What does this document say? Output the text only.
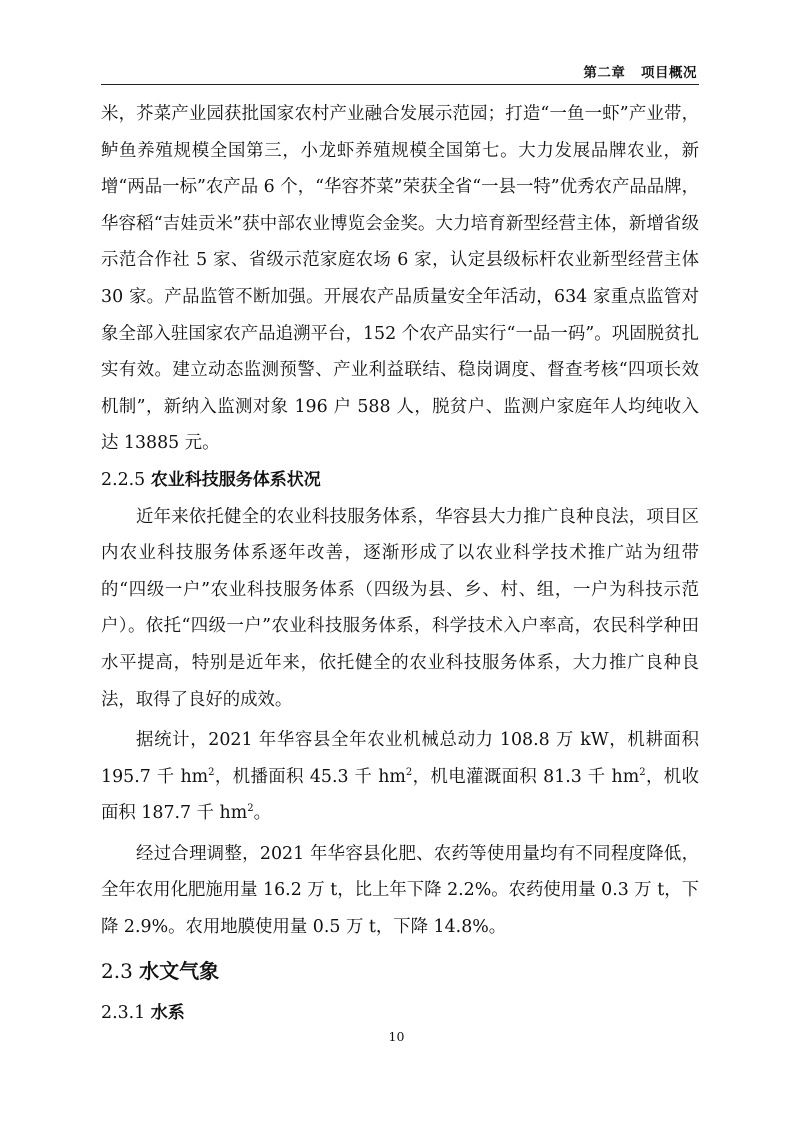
第二章 项目概况

米，芥菜产业园获批国家农村产业融合发展示范园；打造“一鱼一虾”产业带，鲈鱼养殖规模全国第三，小龙虾养殖规模全国第七。大力发展品牌农业，新增“两品一标”农产品 6 个，“华容芥菜”荣获全省“一县一特”优秀农产品品牌，华容稻“吉娃贡米”获中部农业博览会金奖。大力培育新型经营主体，新增省级示范合作社 5 家、省级示范家庭农场 6 家，认定县级标杆农业新型经营主体 30 家。产品监管不断加强。开展农产品质量安全年活动，634 家重点监管对象全部入驻国家农产品追溯平台，152 个农产品实行“一品一码”。巩固脱贫扎实有效。建立动态监测预警、产业利益联结、稳岗调度、督查考核“四项长效机制”，新纳入监测对象 196 户 588 人，脱贫户、监测户家庭年人均纯收入达 13885 元。

2.2.5 农业科技服务体系状况

近年来依托健全的农业科技服务体系，华容县大力推广良种良法，项目区内农业科技服务体系逐年改善，逐渐形成了以农业科学技术推广站为纽带的“四级一户”农业科技服务体系（四级为县、乡、村、组，一户为科技示范户）。依托“四级一户”农业科技服务体系，科学技术入户率高，农民科学种田水平提高，特别是近年来，依托健全的农业科技服务体系，大力推广良种良法，取得了良好的成效。

据统计，2021 年华容县全年农业机械总动力 108.8 万 kW，机耕面积 195.7 千 $hm^2$，机播面积 45.3 千 $hm^2$，机电灌溉面积 81.3 千 $hm^2$，机收面积 187.7 千 $hm^2$。

经过合理调整，2021 年华容县化肥、农药等使用量均有不同程度降低，全年农用化肥施用量 16.2 万 t，比上年下降 2.2%。农药使用量 0.3 万 t，下降 2.9%。农用地膜使用量 0.5 万 t，下降 14.8%。

2.3 水文气象
2.3.1 水系
10
